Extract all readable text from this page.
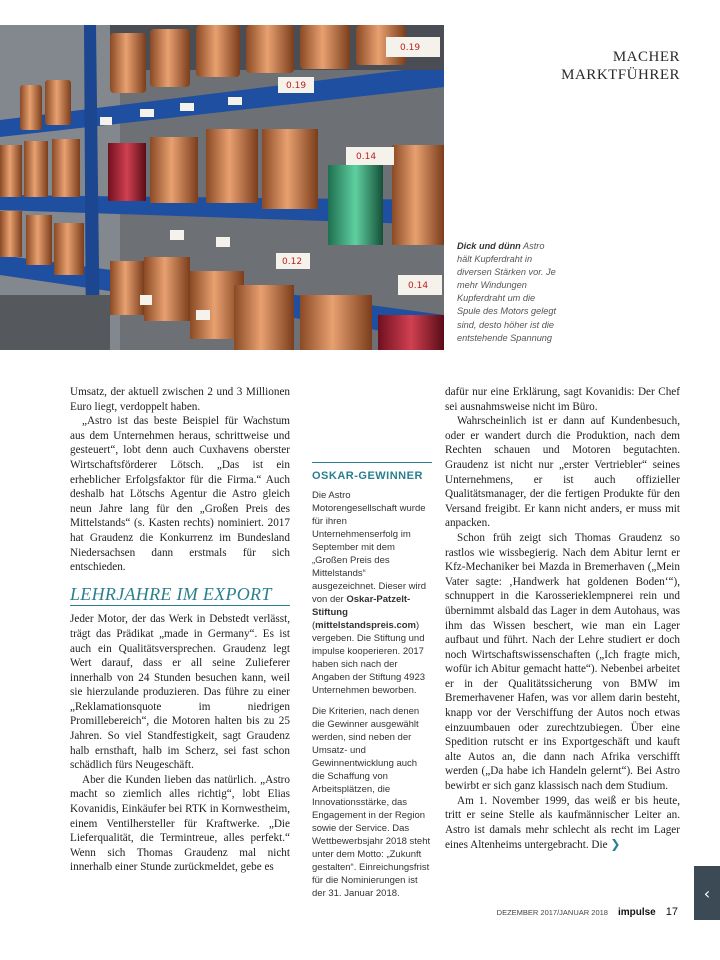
0.19
0.19
0.14
0.12
0.14
MACHER
MARKTFÜHRER
Dick und dünn Astro hält Kupferdraht in diversen Stärken vor. Je mehr Windungen Kupferdraht um die Spule des Motors gelegt sind, desto höher ist die entstehende Spannung

Umsatz, der aktuell zwischen 2 und 3 Millionen Euro liegt, verdoppelt haben.

„Astro ist das beste Beispiel für Wachstum aus dem Unternehmen heraus, schrittweise und gesteuert“, lobt denn auch Cuxhavens oberster Wirtschaftsförderer Lötsch. „Das ist ein erheblicher Erfolgsfaktor für die Firma.“ Auch deshalb hat Lötschs Agentur die Astro gleich neun Jahre lang für den „Großen Preis des Mittelstands“ (s. Kasten rechts) nominiert. 2017 hat Graudenz die Konkurrenz im Bundesland Niedersachsen dann erstmals für sich entschieden.

LEHRJAHRE IM EXPORT

Jeder Motor, der das Werk in Debstedt verlässt, trägt das Prädikat „made in Germany“. Es ist auch ein Qualitätsversprechen. Graudenz legt Wert darauf, dass er all seine Zulieferer innerhalb von 24 Stunden besuchen kann, weil sie hierzulande produzieren. Das führe zu einer „Reklamationsquote im niedrigen Promillebereich“, die Motoren halten bis zu 25 Jahren. So viel Standfestigkeit, sagt Graudenz halb ernsthaft, halb im Scherz, sei fast schon schädlich fürs Neugeschäft.

Aber die Kunden lieben das natürlich. „Astro macht so ziemlich alles richtig“, lobt Elias Kovanidis, Einkäufer bei RTK in Kornwestheim, einem Ventilhersteller für Kraftwerke. „Die Lieferqualität, die Termintreue, alles perfekt.“ Wenn sich Thomas Graudenz mal nicht innerhalb einer Stunde zurückmeldet, gebe es

OSKAR-GEWINNER

Die Astro Motorengesellschaft wurde für ihren Unternehmenserfolg im September mit dem „Großen Preis des Mittelstands“ ausgezeichnet. Dieser wird von der Oskar-Patzelt-Stiftung (mittelstandspreis.com) vergeben. Die Stiftung und impulse kooperieren. 2017 haben sich nach der Angaben der Stiftung 4923 Unternehmen beworben.

Die Kriterien, nach denen die Gewinner ausgewählt werden, sind neben der Umsatz- und Gewinnentwicklung auch die Schaffung von Arbeitsplätzen, die Innovationsstärke, das Engagement in der Region sowie der Service. Das Wettbewerbsjahr 2018 steht unter dem Motto: „Zukunft gestalten“. Einreichungsfrist für die Nominierungen ist der 31. Januar 2018.

dafür nur eine Erklärung, sagt Kovanidis: Der Chef sei ausnahmsweise nicht im Büro.

Wahrscheinlich ist er dann auf Kundenbesuch, oder er wandert durch die Produktion, nach dem Rechten schauen und Motoren begutachten. Graudenz ist nicht nur „erster Vertriebler“ seines Unternehmens, er ist auch offizieller Qualitätsmanager, der die fertigen Produkte für den Versand freigibt. Er kann nicht anders, er muss mit anpacken.

Schon früh zeigt sich Thomas Graudenz so rastlos wie wissbegierig. Nach dem Abitur lernt er Kfz-Mechaniker bei Mazda in Bremerhaven („Mein Vater sagte: ‚Handwerk hat goldenen Boden‘“), schnuppert in die Karosserieklempnerei rein und übernimmt alsbald das Lager in dem Autohaus, was ihm das Wissen beschert, wie man ein Lager aufbaut und führt. Nach der Lehre studiert er doch noch Wirtschaftswissenschaften („Ich fragte mich, wofür ich Abitur gemacht hatte“). Nebenbei arbeitet er in der Qualitätssicherung von BMW im Bremerhavener Hafen, was vor allem darin besteht, knapp vor der Verschiffung der Autos noch etwas einzuumbauen oder zurechtzubiegen. Über eine Spedition rutscht er ins Exportgeschäft und kauft alte Autos an, die dann nach Afrika verschifft werden („Da habe ich Handeln gelernt“). Bei Astro bewirbt er sich ganz klassisch nach dem Studium.

Am 1. November 1999, das weiß er bis heute, tritt er seine Stelle als kaufmännischer Leiter an. Astro ist damals mehr schlecht als recht im Lager eines Altenheims untergebracht. Die ❯

DEZEMBER 2017/JANUAR 2018 impulse 17
‹
